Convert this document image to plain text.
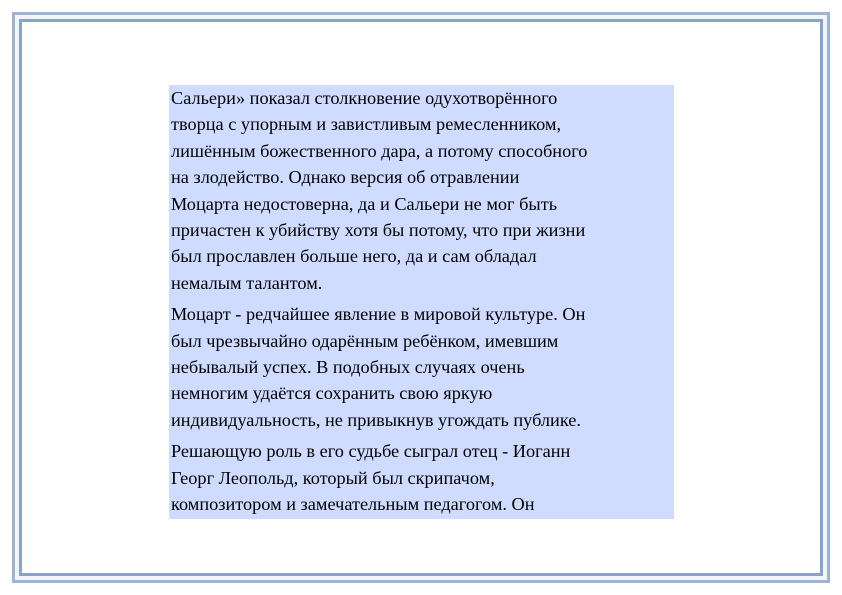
Сальери» показал столкновение одухотворённого
творца с упорным и завистливым ремесленником,
лишённым божественного дара, а потому способного
на злодейство. Однако версия об отравлении
Моцарта недостоверна, да и Сальери не мог быть
причастен к убийству хотя бы потому, что при жизни
был прославлен больше него, да и сам обладал
немалым талантом.

Моцарт - редчайшее явление в мировой культуре. Он
был чрезвычайно одарённым ребёнком, имевшим
небывалый успех. В подобных случаях очень
немногим удаётся сохранить свою яркую
индивидуальность, не привыкнув угождать публике.

Решающую роль в его судьбе сыграл отец - Иоганн
Георг Леопольд, который был скрипачом,
композитором и замечательным педагогом. Он
